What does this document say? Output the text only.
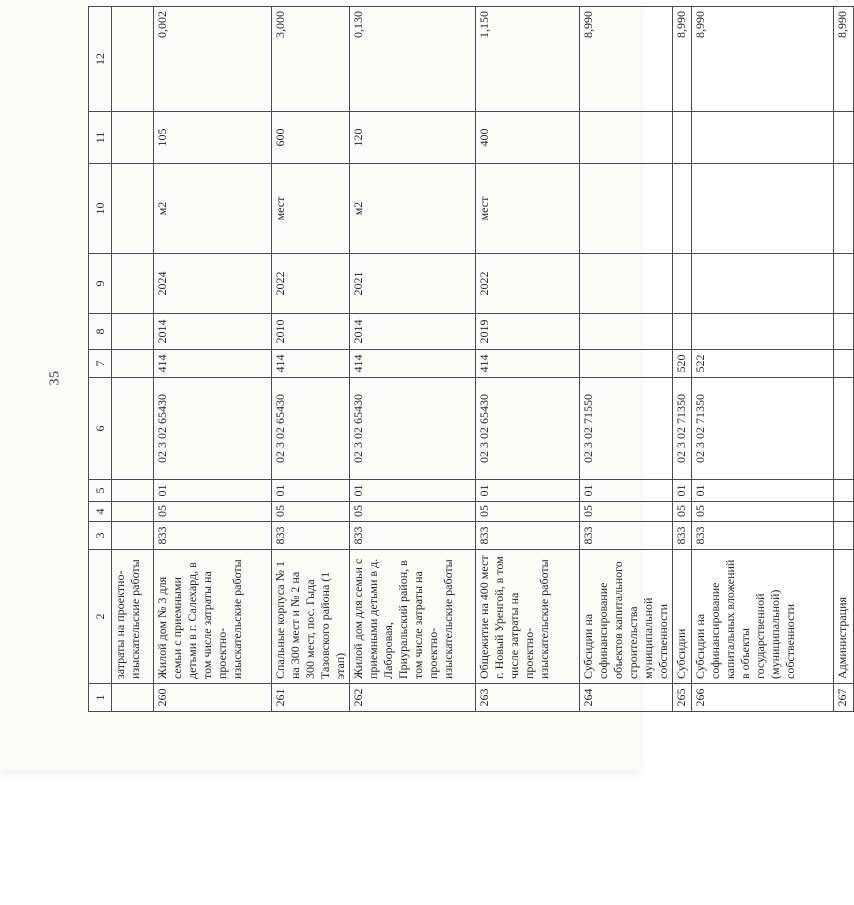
35
1	2	3	4	5	6	7	8	9	10	11	12
	затраты на проектно-изыскательские работы										
260	Жилой дом № 3 для семьи с приемными детьми в г. Салехард, в том числе затраты на проектно-изыскательские работы	833	05	01	02 3 02 65430	414	2014	2024	м2	105	0,002
261	Спальные корпуса № 1 на 300 мест и № 2 на 300 мест, пос. Гыда Тазовского района (1 этап)	833	05	01	02 3 02 65430	414	2010	2022	мест	600	3,000
262	Жилой дом для семьи с приемными детьми в д. Лаборовая, Приуральский район, в том числе затраты на проектно-изыскательские работы	833	05	01	02 3 02 65430	414	2014	2021	м2	120	0,130
263	Общежитие на 400 мест г. Новый Уренгой, в том числе затраты на проектно-изыскательские работы	833	05	01	02 3 02 65430	414	2019	2022	мест	400	1,150
264	Субсидии на софинансирование объектов капитального строительства муниципальной собственности	833	05	01	02 3 02 71550						8,990
265	Субсидии	833	05	01	02 3 02 71350	520					8,990
266	Субсидии на софинансирование капитальных вложений в объекты государственной (муниципальной) собственности	833	05	01	02 3 02 71350	522					8,990
267	Администрация										8,990
